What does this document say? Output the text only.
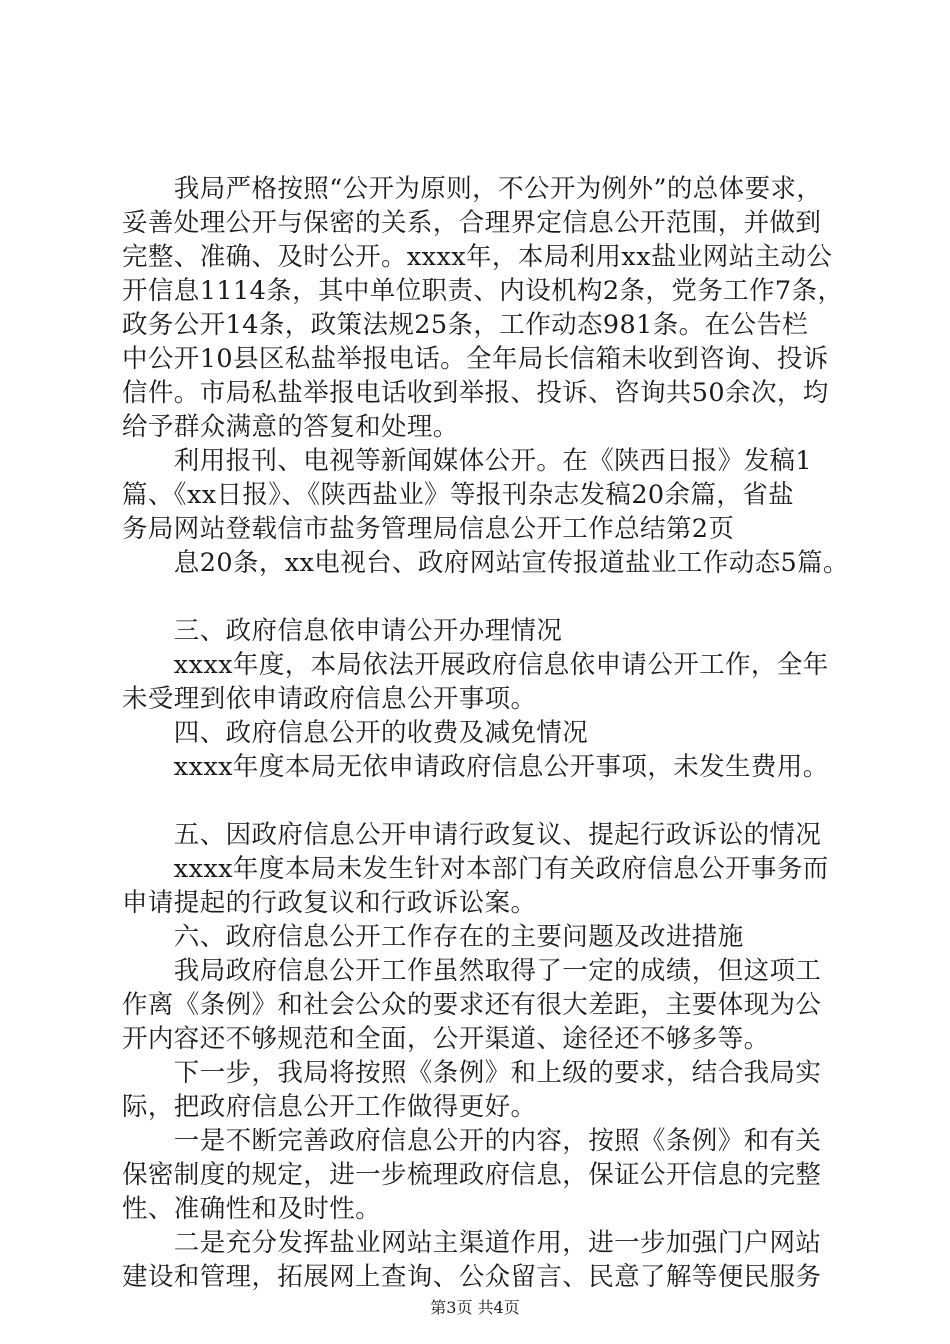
　　我局严格按照“公开为原则，不公开为例外”的总体要求，
妥善处理公开与保密的关系，合理界定信息公开范围，并做到
完整、准确、及时公开。xxxx年，本局利用xx盐业网站主动公
开信息1114条，其中单位职责、内设机构2条，党务工作7条，
政务公开14条，政策法规25条，工作动态981条。在公告栏
中公开10县区私盐举报电话。全年局长信箱未收到咨询、投诉
信件。市局私盐举报电话收到举报、投诉、咨询共50余次，均
给予群众满意的答复和处理。
　　利用报刊、电视等新闻媒体公开。在《陕西日报》发稿1
篇、《xx日报》、《陕西盐业》等报刊杂志发稿20余篇，省盐
务局网站登载信市盐务管理局信息公开工作总结第2页
　　息20条，xx电视台、政府网站宣传报道盐业工作动态5篇。
　　三、政府信息依申请公开办理情况
　　xxxx年度，本局依法开展政府信息依申请公开工作，全年
未受理到依申请政府信息公开事项。
　　四、政府信息公开的收费及减免情况
　　xxxx年度本局无依申请政府信息公开事项，未发生费用。
　　五、因政府信息公开申请行政复议、提起行政诉讼的情况
　　xxxx年度本局未发生针对本部门有关政府信息公开事务而
申请提起的行政复议和行政诉讼案。
　　六、政府信息公开工作存在的主要问题及改进措施
　　我局政府信息公开工作虽然取得了一定的成绩，但这项工
作离《条例》和社会公众的要求还有很大差距，主要体现为公
开内容还不够规范和全面，公开渠道、途径还不够多等。
　　下一步，我局将按照《条例》和上级的要求，结合我局实
际，把政府信息公开工作做得更好。
　　一是不断完善政府信息公开的内容，按照《条例》和有关
保密制度的规定，进一步梳理政府信息，保证公开信息的完整
性、准确性和及时性。
　　二是充分发挥盐业网站主渠道作用，进一步加强门户网站
建设和管理，拓展网上查询、公众留言、民意了解等便民服务
第3页 共4页
